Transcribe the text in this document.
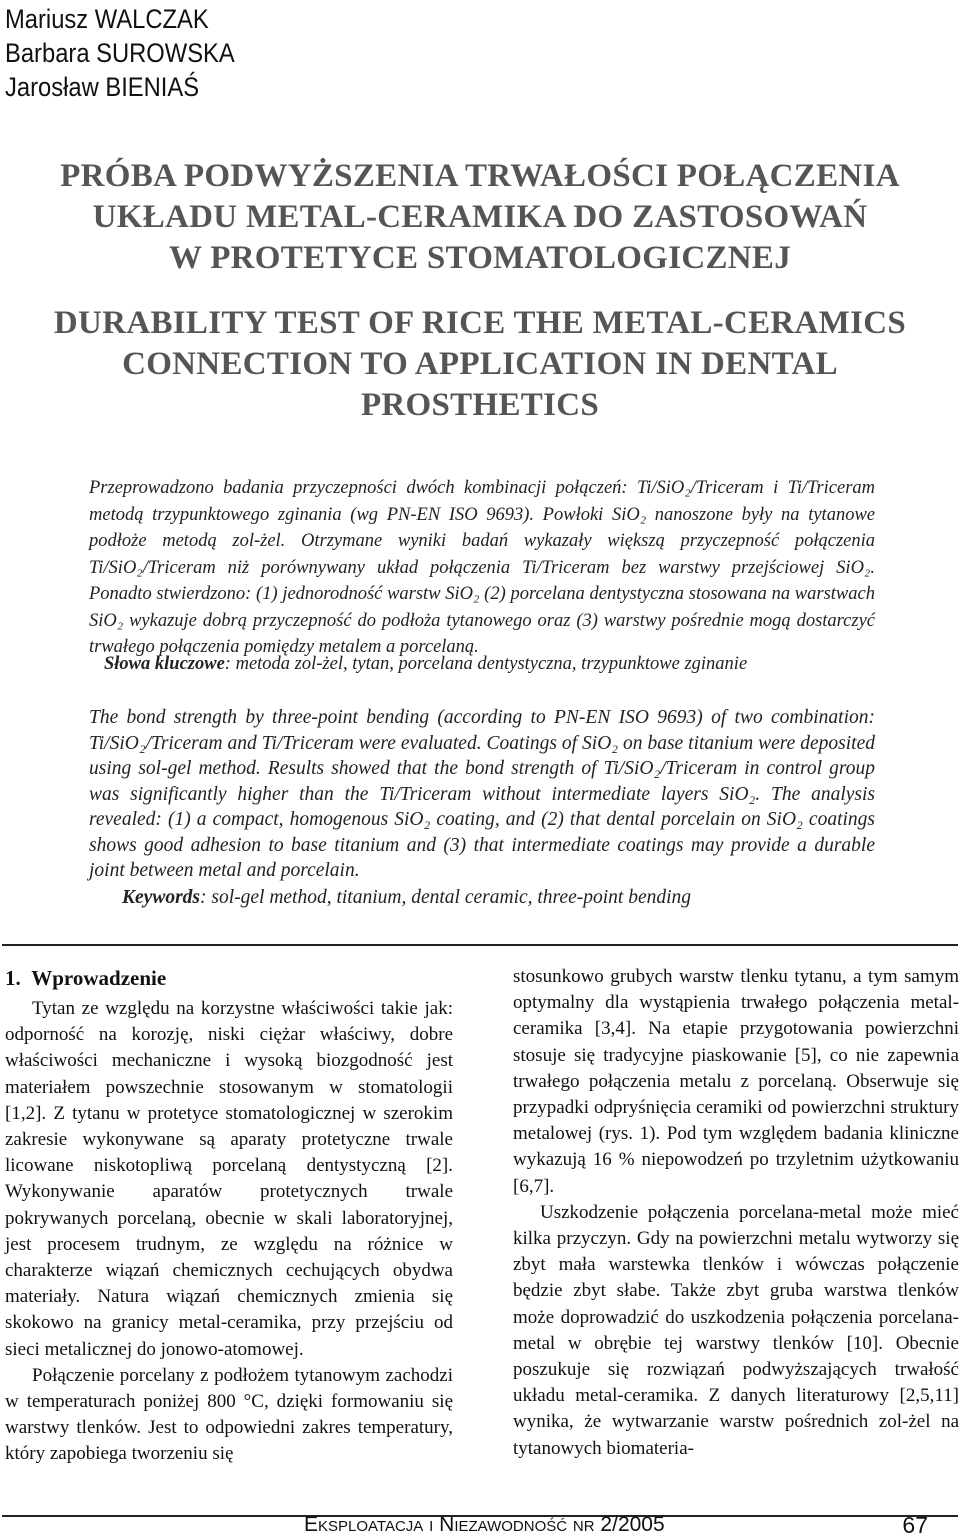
Mariusz WALCZAK
Barbara SUROWSKA
Jarosław BIENIAŚ
PRÓBA PODWYŻSZENIA TRWAŁOŚCI POŁĄCZENIA
UKŁADU METAL-CERAMIKA DO ZASTOSOWAŃ
W PROTETYCE STOMATOLOGICZNEJ
DURABILITY TEST OF RICE THE METAL-CERAMICS
CONNECTION TO APPLICATION IN DENTAL
PROSTHETICS
Przeprowadzono badania przyczepności dwóch kombinacji połączeń: Ti/SiO₂/Triceram i Ti/Triceram metodą trzypunktowego zginania (wg PN-EN ISO 9693). Powłoki SiO₂ nanoszone były na tytanowe podłoże metodą zol-żel. Otrzymane wyniki badań wykazały większą przyczepność połączenia Ti/SiO₂/Triceram niż porównywany układ połączenia Ti/Triceram bez warstwy przejściowej SiO₂. Ponadto stwierdzono: (1) jednorodność warstw SiO₂ (2) porcelana dentystyczna stosowana na warstwach SiO₂ wykazuje dobrą przyczepność do podłoża tytanowego oraz (3) warstwy pośrednie mogą dostarczyć trwałego połączenia pomiędzy metalem a porcelaną.
Słowa kluczowe: metoda zol-żel, tytan, porcelana dentystyczna, trzypunktowe zginanie
The bond strength by three-point bending (according to PN-EN ISO 9693) of two combination: Ti/SiO₂/Triceram and Ti/Triceram were evaluated. Coatings of SiO₂ on base titanium were deposited using sol-gel method. Results showed that the bond strength of Ti/SiO₂/Triceram in control group was significantly higher than the Ti/Triceram without intermediate layers SiO₂. The analysis revealed: (1) a compact, homogenous SiO₂ coating, and (2) that dental porcelain on SiO₂ coatings shows good adhesion to base titanium and (3) that intermediate coatings may provide a durable joint between metal and porcelain.
Keywords: sol-gel method, titanium, dental ceramic, three-point bending
1. Wprowadzenie

Tytan ze względu na korzystne właściwości takie jak: odporność na korozję, niski ciężar właściwy, dobre właściwości mechaniczne i wysoką biozgodność jest materiałem powszechnie stosowanym w stomatologii [1,2]. Z tytanu w protetyce stomatologicznej w szerokim zakresie wykonywane są aparaty protetyczne trwale licowane niskotopliwą porcelaną dentystyczną [2]. Wykonywanie aparatów protetycznych trwale pokrywanych porcelaną, obecnie w skali laboratoryjnej, jest procesem trudnym, ze względu na różnice w charakterze wiązań chemicznych cechujących obydwa materiały. Natura wiązań chemicznych zmienia się skokowo na granicy metal-ceramika, przy przejściu od sieci metalicznej do jonowo-atomowej.

Połączenie porcelany z podłożem tytanowym zachodzi w temperaturach poniżej 800 °C, dzięki formowaniu się warstwy tlenków. Jest to odpowiedni zakres temperatury, który zapobiega tworzeniu się

stosunkowo grubych warstw tlenku tytanu, a tym samym optymalny dla wystąpienia trwałego połączenia metal-ceramika [3,4]. Na etapie przygotowania powierzchni stosuje się tradycyjne piaskowanie [5], co nie zapewnia trwałego połączenia metalu z porcelaną. Obserwuje się przypadki odpryśnięcia ceramiki od powierzchni struktury metalowej (rys. 1). Pod tym względem badania kliniczne wykazują 16 % niepowodzeń po trzyletnim użytkowaniu [6,7].

Uszkodzenie połączenia porcelana-metal może mieć kilka przyczyn. Gdy na powierzchni metalu wytworzy się zbyt mała warstewka tlenków i wówczas połączenie będzie zbyt słabe. Także zbyt gruba warstwa tlenków może doprowadzić do uszkodzenia połączenia porcelana-metal w obrębie tej warstwy tlenków [10]. Obecnie poszukuje się rozwiązań podwyższających trwałość układu metal-ceramika. Z danych literaturowy [2,5,11] wynika, że wytwarzanie warstw pośrednich zol-żel na tytanowych biomateria-

Eksploatacja i Niezawodność nr 2/2005	67
